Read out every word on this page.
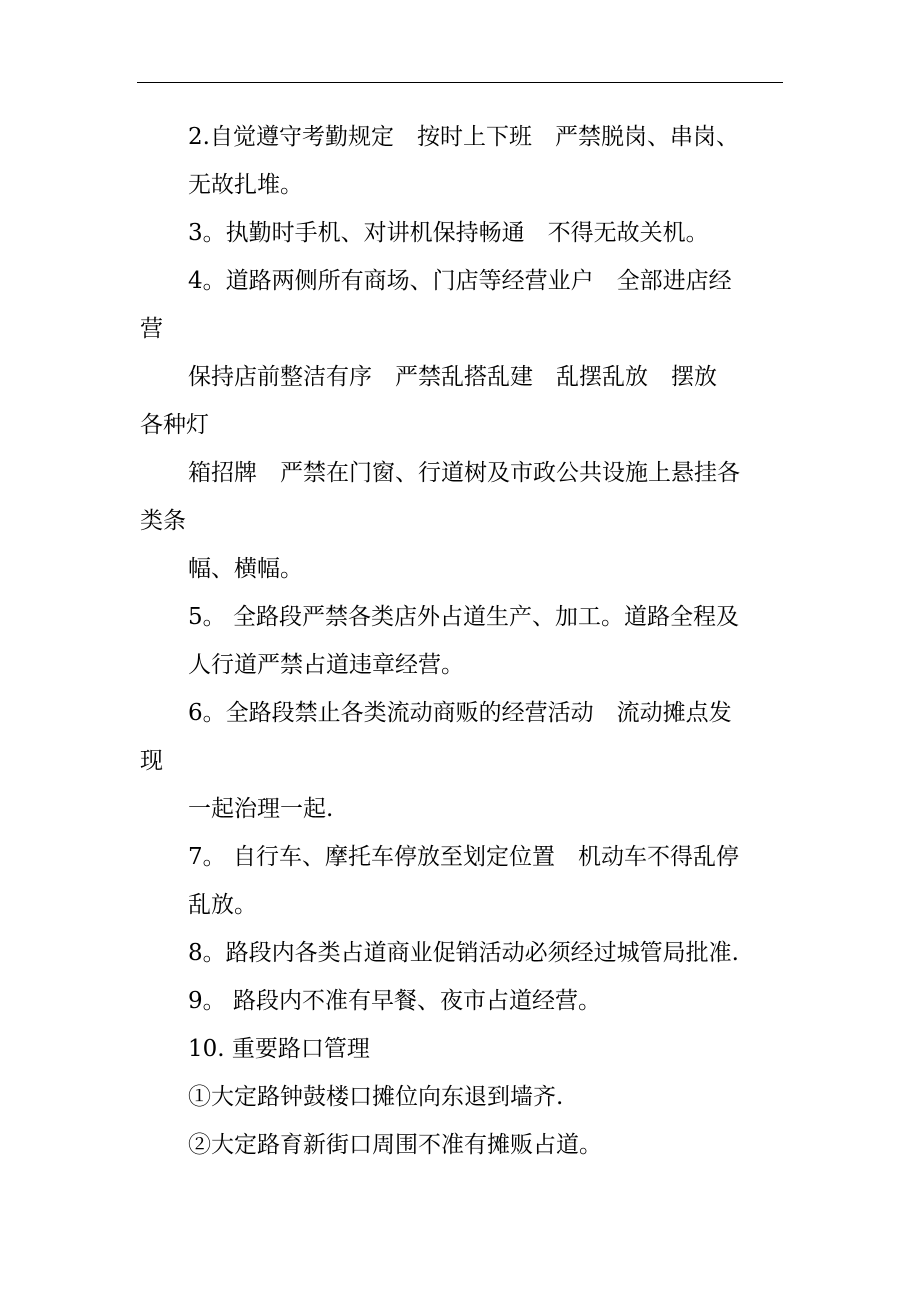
2.自觉遵守考勤规定　按时上下班　严禁脱岗、串岗、
无故扎堆。
3。执勤时手机、对讲机保持畅通　不得无故关机。
4。道路两侧所有商场、门店等经营业户　全部进店经
营
保持店前整洁有序　严禁乱搭乱建　乱摆乱放　摆放
各种灯
箱招牌　严禁在门窗、行道树及市政公共设施上悬挂各
类条
幅、横幅。
5。 全路段严禁各类店外占道生产、加工。道路全程及
人行道严禁占道违章经营。
6。全路段禁止各类流动商贩的经营活动　流动摊点发
现
一起治理一起.
7。 自行车、摩托车停放至划定位置　机动车不得乱停
乱放。
8。路段内各类占道商业促销活动必须经过城管局批准.
9。 路段内不准有早餐、夜市占道经营。
10. 重要路口管理
①大定路钟鼓楼口摊位向东退到墙齐.
②大定路育新街口周围不准有摊贩占道。
